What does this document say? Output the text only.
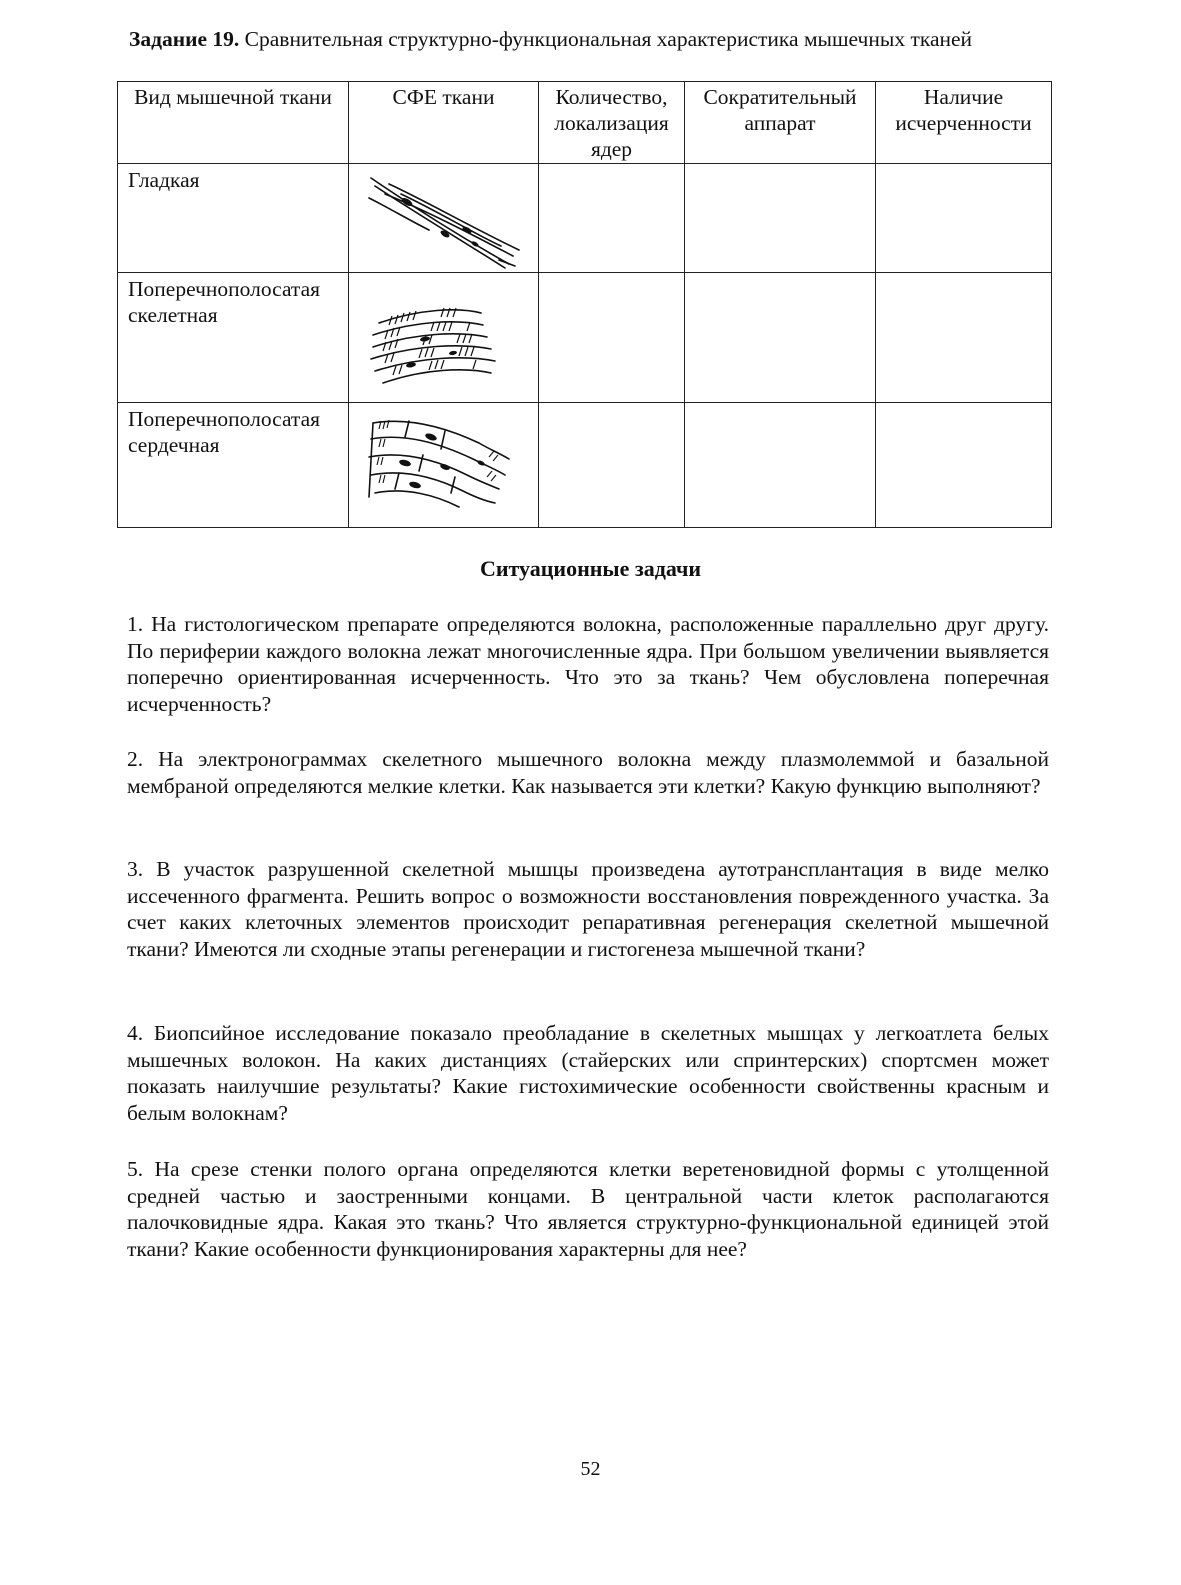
Задание 19. Сравнительная структурно-функциональная характеристика мышечных тканей
Вид мышечной ткани	СФЕ ткани	Количество, локализация ядер	Сократительный аппарат	Наличие исчерченности
Гладкая	

Поперечнополосатая скелетная	

Поперечнополосатая сердечная	

Ситуационные задачи

1. На гистологическом препарате определяются волокна, расположенные параллельно друг другу. По периферии каждого волокна лежат многочисленные ядра. При большом увеличении выявляется поперечно ориентированная исчерченность. Что это за ткань? Чем обусловлена поперечная исчерченность?

2. На электронограммах скелетного мышечного волокна между плазмолеммой и базальной мембраной определяются мелкие клетки. Как называется эти клетки? Какую функцию выполняют?

3. В участок разрушенной скелетной мышцы произведена аутотрансплантация в виде мелко иссеченного фрагмента. Решить вопрос о возможности восстановления поврежденного участка. За счет каких клеточных элементов происходит репаративная регенерация скелетной мышечной ткани? Имеются ли сходные этапы регенерации и гистогенеза мышечной ткани?

4. Биопсийное исследование показало преобладание в скелетных мышцах у легкоатлета белых мышечных волокон. На каких дистанциях (стайерских или спринтерских) спортсмен может показать наилучшие результаты? Какие гистохимические особенности свойственны красным и белым волокнам?

5. На срезе стенки полого органа определяются клетки веретеновидной формы с утолщенной средней частью и заостренными концами. В центральной части клеток располагаются палочковидные ядра. Какая это ткань? Что является структурно-функциональной единицей этой ткани? Какие особенности функционирования характерны для нее?

52
